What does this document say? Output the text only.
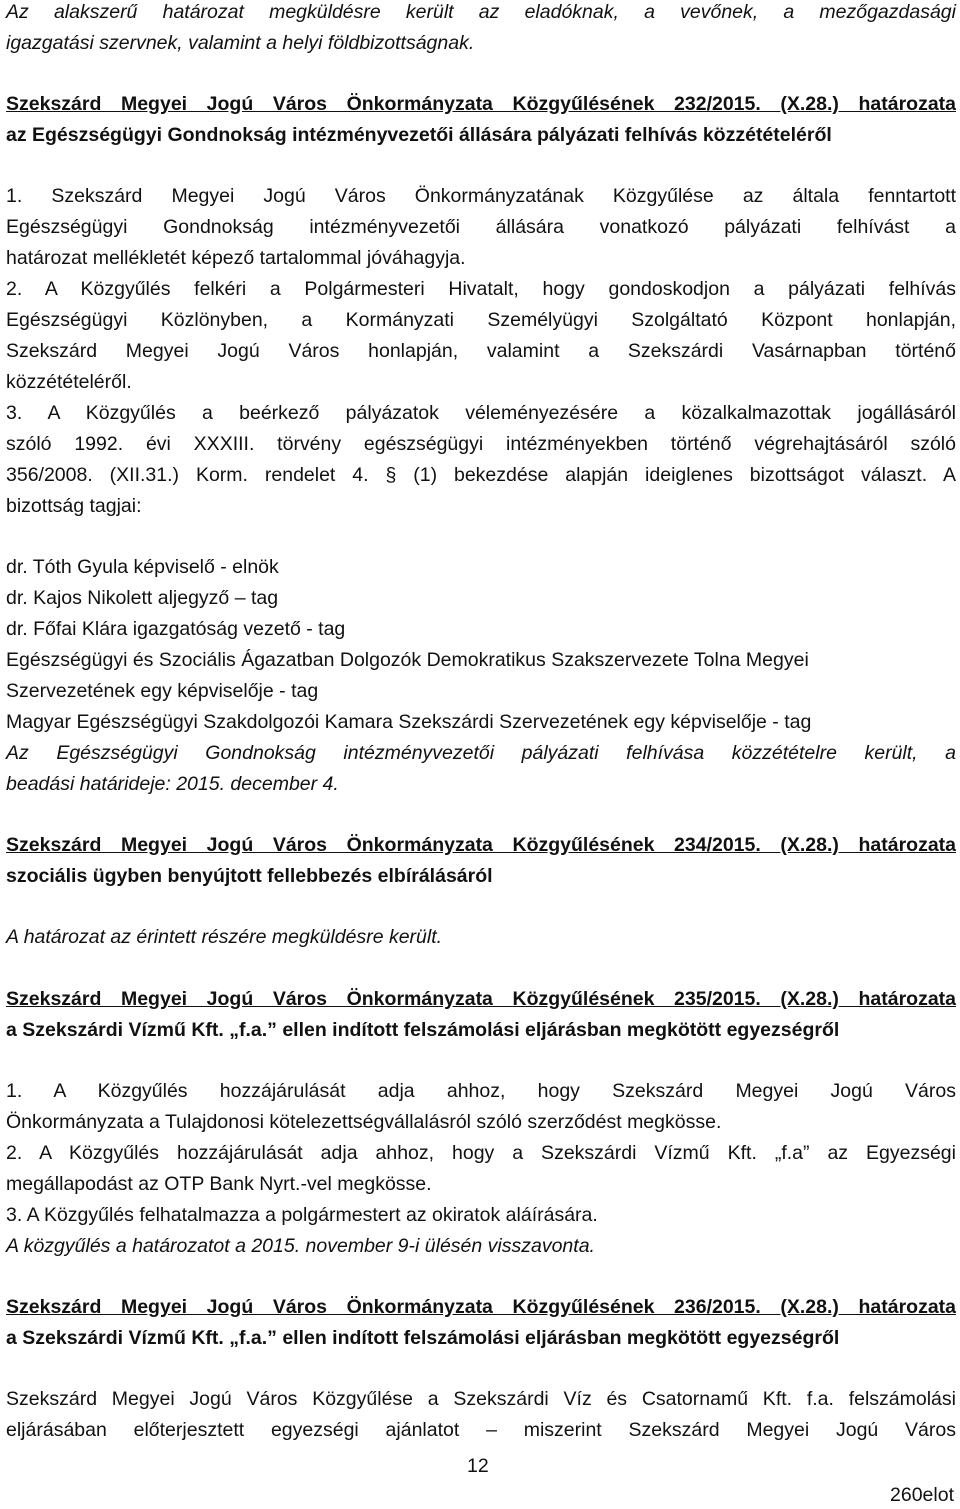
Az alakszerű határozat megküldésre került az eladóknak, a vevőnek, a mezőgazdasági
igazgatási szervnek, valamint a helyi földbizottságnak.
Szekszárd Megyei Jogú Város Önkormányzata Közgyűlésének 232/2015. (X.28.) határozata
az Egészségügyi Gondnokság intézményvezetői állására pályázati felhívás közzétételéről
1. Szekszárd Megyei Jogú Város Önkormányzatának Közgyűlése az általa fenntartott
Egészségügyi Gondnokság intézményvezetői állására vonatkozó pályázati felhívást a
határozat mellékletét képező tartalommal jóváhagyja.
2. A Közgyűlés felkéri a Polgármesteri Hivatalt, hogy gondoskodjon a pályázati felhívás
Egészségügyi Közlönyben, a Kormányzati Személyügyi Szolgáltató Központ honlapján,
Szekszárd Megyei Jogú Város honlapján, valamint a Szekszárdi Vasárnapban történő
közzétételéről.
3. A Közgyűlés a beérkező pályázatok véleményezésére a közalkalmazottak jogállásáról
szóló 1992. évi XXXIII. törvény egészségügyi intézményekben történő végrehajtásáról szóló
356/2008. (XII.31.) Korm. rendelet 4. § (1) bekezdése alapján ideiglenes bizottságot választ. A
bizottság tagjai:
dr. Tóth Gyula képviselő - elnök
dr. Kajos Nikolett aljegyző – tag
dr. Főfai Klára igazgatóság vezető - tag
Egészségügyi és Szociális Ágazatban Dolgozók Demokratikus Szakszervezete Tolna Megyei
Szervezetének egy képviselője - tag
Magyar Egészségügyi Szakdolgozói Kamara Szekszárdi Szervezetének egy képviselője - tag
Az Egészségügyi Gondnokság intézményvezetői pályázati felhívása közzétételre került, a
beadási határideje: 2015. december 4.
Szekszárd Megyei Jogú Város Önkormányzata Közgyűlésének 234/2015. (X.28.) határozata
szociális ügyben benyújtott fellebbezés elbírálásáról
A határozat az érintett részére megküldésre került.
Szekszárd Megyei Jogú Város Önkormányzata Közgyűlésének 235/2015. (X.28.) határozata
a Szekszárdi Vízmű Kft. „f.a.” ellen indított felszámolási eljárásban megkötött egyezségről
1. A Közgyűlés hozzájárulását adja ahhoz, hogy Szekszárd Megyei Jogú Város
Önkormányzata a Tulajdonosi kötelezettségvállalásról szóló szerződést megkösse.
2. A Közgyűlés hozzájárulását adja ahhoz, hogy a Szekszárdi Vízmű Kft. „f.a” az Egyezségi
megállapodást az OTP Bank Nyrt.-vel megkösse.
3. A Közgyűlés felhatalmazza a polgármestert az okiratok aláírására.
A közgyűlés a határozatot a 2015. november 9-i ülésén visszavonta.
Szekszárd Megyei Jogú Város Önkormányzata Közgyűlésének 236/2015. (X.28.) határozata
a Szekszárdi Vízmű Kft. „f.a.” ellen indított felszámolási eljárásban megkötött egyezségről
Szekszárd Megyei Jogú Város Közgyűlése a Szekszárdi Víz és Csatornamű Kft. f.a. felszámolási
eljárásában előterjesztett egyezségi ajánlatot – miszerint Szekszárd Megyei Jogú Város
12
260elot
